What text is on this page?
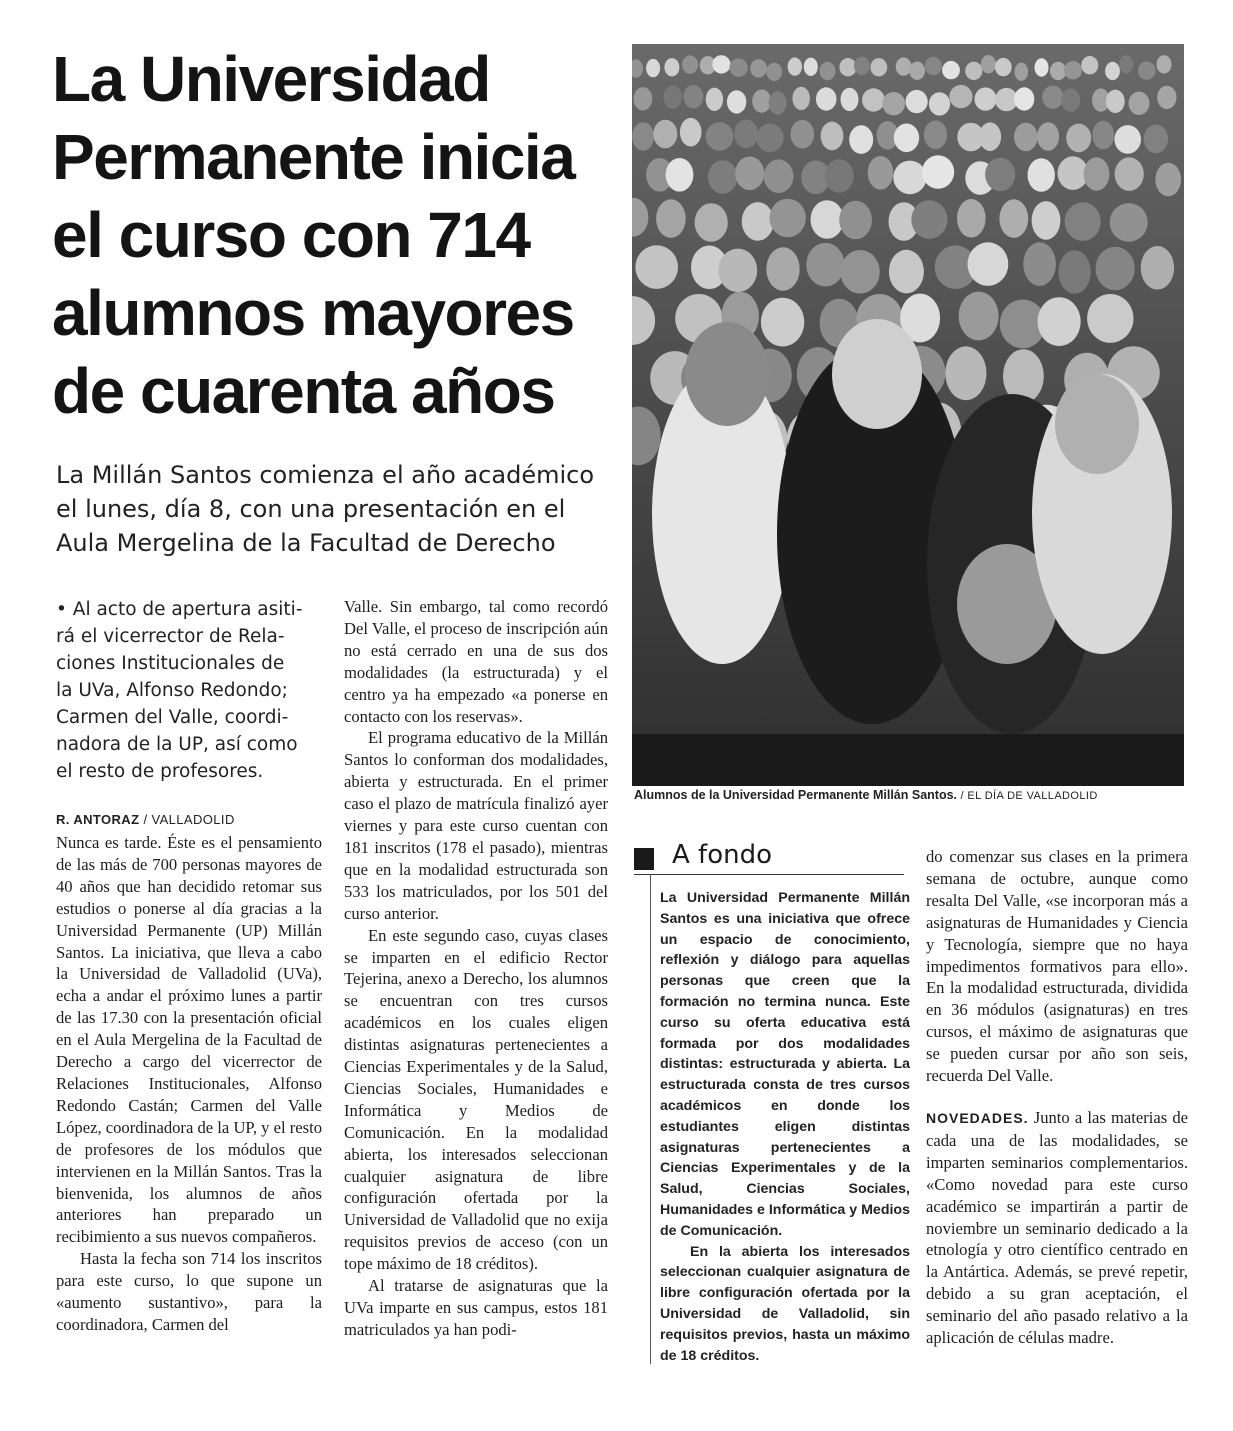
La Universidad
Permanente inicia
el curso con 714
alumnos mayores
de cuarenta años
La Millán Santos comienza el año académico
el lunes, día 8, con una presentación en el
Aula Mergelina de la Facultad de Derecho
• Al acto de apertura asiti-
rá el vicerrector de Rela-
ciones Institucionales de
la UVa, Alfonso Redondo;
Carmen del Valle, coordi-
nadora de la UP, así como
el resto de profesores.
R. ANTORAZ / VALLADOLID

Nunca es tarde. Éste es el pensamiento de las más de 700 personas mayores de 40 años que han decidido retomar sus estudios o ponerse al día gracias a la Universidad Permanente (UP) Millán Santos. La iniciativa, que lleva a cabo la Universidad de Valladolid (UVa), echa a andar el próximo lunes a partir de las 17.30 con la presentación oficial en el Aula Mergelina de la Facultad de Derecho a cargo del vicerrector de Relaciones Institucionales, Alfonso Redondo Castán; Carmen del Valle López, coordinadora de la UP, y el resto de profesores de los módulos que intervienen en la Millán Santos. Tras la bienvenida, los alumnos de años anteriores han preparado un recibimiento a sus nuevos compañeros.

Hasta la fecha son 714 los inscritos para este curso, lo que supone un «aumento sustantivo», para la coordinadora, Carmen del

Valle. Sin embargo, tal como recordó Del Valle, el proceso de inscripción aún no está cerrado en una de sus dos modalidades (la estructurada) y el centro ya ha empezado «a ponerse en contacto con los reservas».

El programa educativo de la Millán Santos lo conforman dos modalidades, abierta y estructurada. En el primer caso el plazo de matrícula finalizó ayer viernes y para este curso cuentan con 181 inscritos (178 el pasado), mientras que en la modalidad estructurada son 533 los matriculados, por los 501 del curso anterior.

En este segundo caso, cuyas clases se imparten en el edificio Rector Tejerina, anexo a Derecho, los alumnos se encuentran con tres cursos académicos en los cuales eligen distintas asignaturas pertenecientes a Ciencias Experimentales y de la Salud, Ciencias Sociales, Humanidades e Informática y Medios de Comunicación. En la modalidad abierta, los interesados seleccionan cualquier asignatura de libre configuración ofertada por la Universidad de Valladolid que no exija requisitos previos de acceso (con un tope máximo de 18 créditos).

Al tratarse de asignaturas que la UVa imparte en sus campus, estos 181 matriculados ya han podi-

Alumnos de la Universidad Permanente Millán Santos. / EL DÍA DE VALLADOLID
A fondo

La Universidad Permanente Millán Santos es una iniciativa que ofrece un espacio de conocimiento, reflexión y diálogo para aquellas personas que creen que la formación no termina nunca. Este curso su oferta educativa está formada por dos modalidades distintas: estructurada y abierta. La estructurada consta de tres cursos académicos en donde los estudiantes eligen distintas asignaturas pertenecientes a Ciencias Experimentales y de la Salud, Ciencias Sociales, Humanidades e Informática y Medios de Comunicación.

En la abierta los interesados seleccionan cualquier asignatura de libre configuración ofertada por la Universidad de Valladolid, sin requisitos previos, hasta un máximo de 18 créditos.

do comenzar sus clases en la primera semana de octubre, aunque como resalta Del Valle, «se incorporan más a asignaturas de Humanidades y Ciencia y Tecnología, siempre que no haya impedimentos formativos para ello». En la modalidad estructurada, dividida en 36 módulos (asignaturas) en tres cursos, el máximo de asignaturas que se pueden cursar por año son seis, recuerda Del Valle.

NOVEDADES. Junto a las materias de cada una de las modalidades, se imparten seminarios complementarios. «Como novedad para este curso académico se impartirán a partir de noviembre un seminario dedicado a la etnología y otro científico centrado en la Antártica. Además, se prevé repetir, debido a su gran aceptación, el seminario del año pasado relativo a la aplicación de células madre.
